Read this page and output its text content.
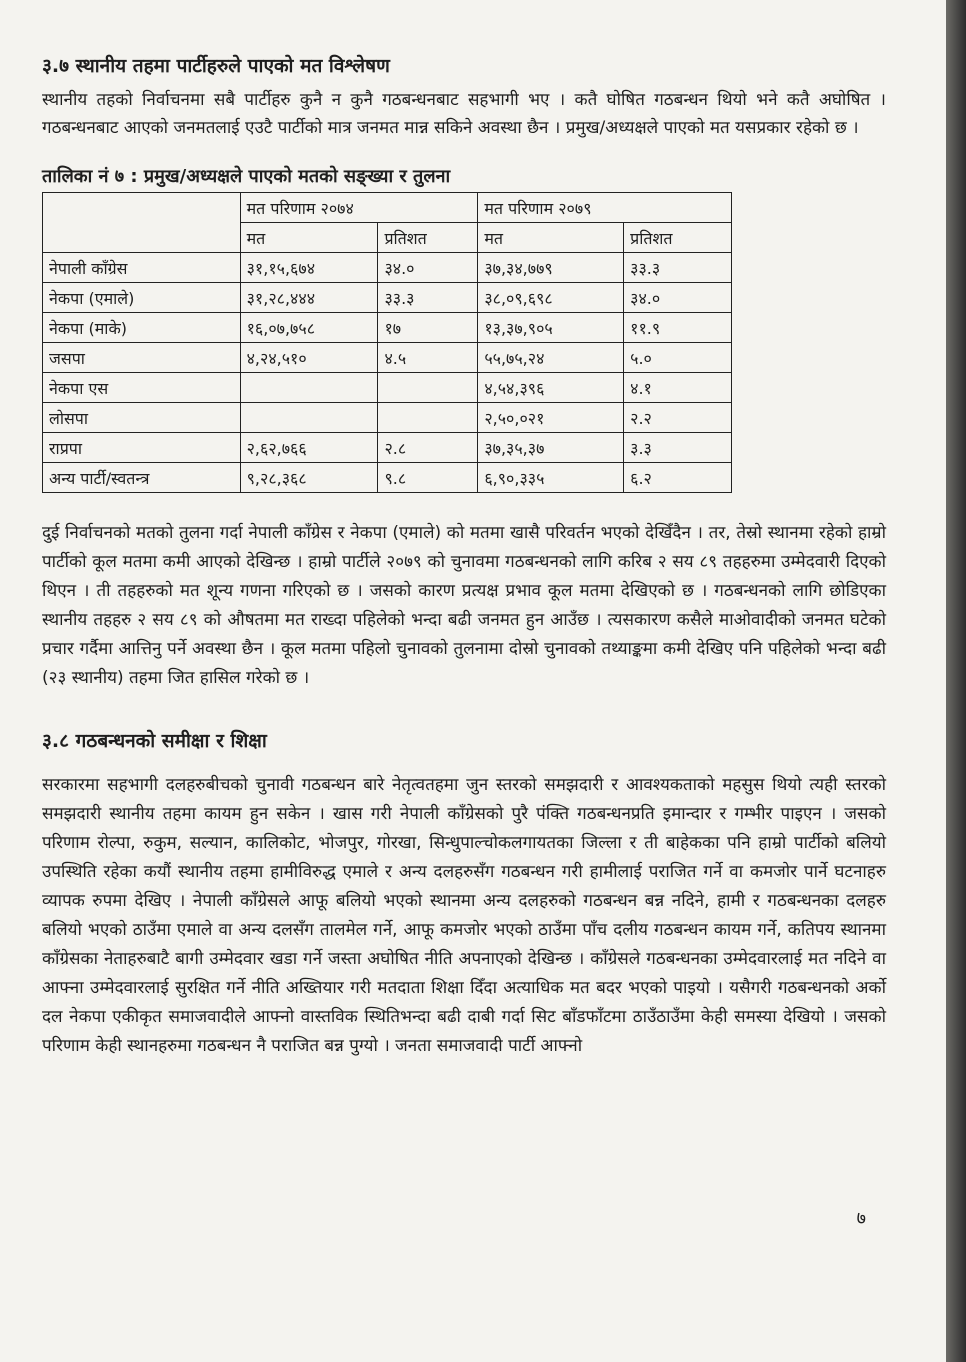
३.७ स्थानीय तहमा पार्टीहरुले पाएको मत विश्लेषण

स्थानीय तहको निर्वाचनमा सबै पार्टीहरु कुनै न कुनै गठबन्धनबाट सहभागी भए । कतै घोषित गठबन्धन थियो भने कतै अघोषित । गठबन्धनबाट आएको जनमतलाई एउटै पार्टीको मात्र जनमत मान्न सकिने अवस्था छैन । प्रमुख/अध्यक्षले पाएको मत यसप्रकार रहेको छ ।

तालिका नं ७ : प्रमुख/अध्यक्षले पाएको मतको सङ्ख्या र तुलना
	मत परिणाम २०७४		मत परिणाम २०७९	
	मत	प्रतिशत	मत	प्रतिशत
नेपाली काँग्रेस	३१,१५,६७४	३४.०	३७,३४,७७९	३३.३
नेकपा (एमाले)	३१,२८,४४४	३३.३	३८,०९,६९८	३४.०
नेकपा (माके)	१६,०७,७५८	१७	१३,३७,९०५	११.९
जसपा	४,२४,५१०	४.५	५५,७५,२४	५.०
नेकपा एस			४,५४,३९६	४.१
लोसपा			२,५०,०२१	२.२
राप्रपा	२,६२,७६६	२.८	३७,३५,३७	३.३
अन्य पार्टी/स्वतन्त्र	९,२८,३६८	९.८	६,९०,३३५	६.२

दुई निर्वाचनको मतको तुलना गर्दा नेपाली काँग्रेस र नेकपा (एमाले) को मतमा खासै परिवर्तन भएको देखिँदैन । तर, तेस्रो स्थानमा रहेको हाम्रो पार्टीको कूल मतमा कमी आएको देखिन्छ । हाम्रो पार्टीले २०७९ को चुनावमा गठबन्धनको लागि करिब २ सय ८९ तहहरुमा उम्मेदवारी दिएको थिएन । ती तहहरुको मत शून्य गणना गरिएको छ । जसको कारण प्रत्यक्ष प्रभाव कूल मतमा देखिएको छ । गठबन्धनको लागि छोडिएका स्थानीय तहहरु २ सय ८९ को औषतमा मत राख्दा पहिलेको भन्दा बढी जनमत हुन आउँछ । त्यसकारण कसैले माओवादीको जनमत घटेको प्रचार गर्दैमा आत्तिनु पर्ने अवस्था छैन । कूल मतमा पहिलो चुनावको तुलनामा दोस्रो चुनावको तथ्याङ्कमा कमी देखिए पनि पहिलेको भन्दा बढी (२३ स्थानीय) तहमा जित हासिल गरेको छ ।

३.८ गठबन्धनको समीक्षा र शिक्षा

सरकारमा सहभागी दलहरुबीचको चुनावी गठबन्धन बारे नेतृत्वतहमा जुन स्तरको समझदारी र आवश्यकताको महसुस थियो त्यही स्तरको समझदारी स्थानीय तहमा कायम हुन सकेन । खास गरी नेपाली काँग्रेसको पुरै पंक्ति गठबन्धनप्रति इमान्दार र गम्भीर पाइएन । जसको परिणाम रोल्पा, रुकुम, सल्यान, कालिकोट, भोजपुर, गोरखा, सिन्धुपाल्चोकलगायतका जिल्ला र ती बाहेकका पनि हाम्रो पार्टीको बलियो उपस्थिति रहेका कयौं स्थानीय तहमा हामीविरुद्ध एमाले र अन्य दलहरुसँग गठबन्धन गरी हामीलाई पराजित गर्ने वा कमजोर पार्ने घटनाहरु व्यापक रुपमा देखिए । नेपाली काँग्रेसले आफू बलियो भएको स्थानमा अन्य दलहरुको गठबन्धन बन्न नदिने, हामी र गठबन्धनका दलहरु बलियो भएको ठाउँमा एमाले वा अन्य दलसँग तालमेल गर्ने, आफू कमजोर भएको ठाउँमा पाँच दलीय गठबन्धन कायम गर्ने, कतिपय स्थानमा काँग्रेसका नेताहरुबाटै बागी उम्मेदवार खडा गर्ने जस्ता अघोषित नीति अपनाएको देखिन्छ । काँग्रेसले गठबन्धनका उम्मेदवारलाई मत नदिने वा आफ्ना उम्मेदवारलाई सुरक्षित गर्ने नीति अख्तियार गरी मतदाता शिक्षा दिँदा अत्याधिक मत बदर भएको पाइयो । यसैगरी गठबन्धनको अर्को दल नेकपा एकीकृत समाजवादीले आफ्नो वास्तविक स्थितिभन्दा बढी दाबी गर्दा सिट बाँडफाँटमा ठाउँठाउँमा केही समस्या देखियो । जसको परिणाम केही स्थानहरुमा गठबन्धन नै पराजित बन्न पुग्यो । जनता समाजवादी पार्टी आफ्नो

७
